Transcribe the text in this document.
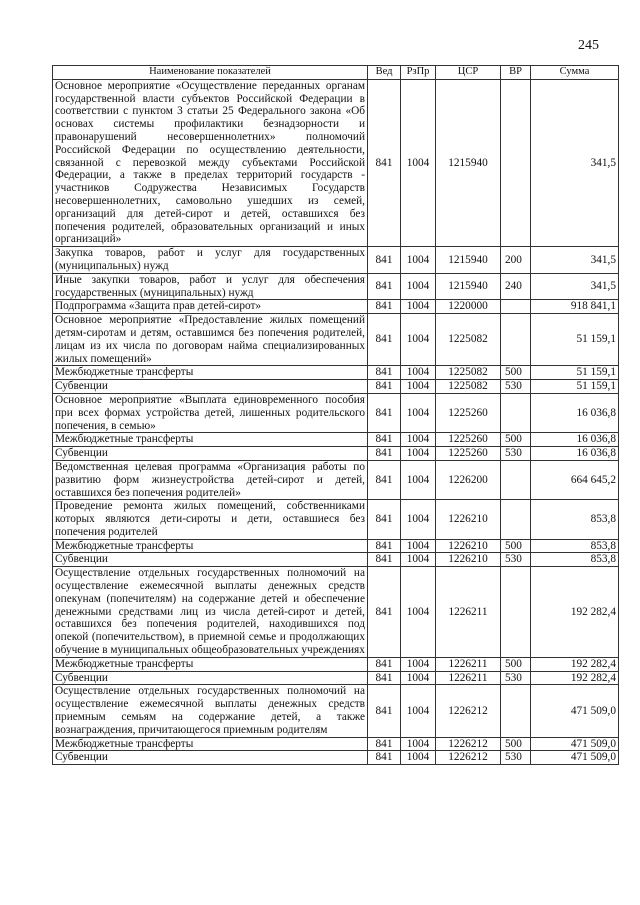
245
Наименование показателей	Вед	РзПр	ЦСР	ВР	Сумма
Основное мероприятие «Осуществление переданных органам государственной власти субъектов Российской Федерации в соответствии с пунктом 3 статьи 25 Федерального закона «Об основах системы профилактики безнадзорности и правонарушений несовершеннолетних» полномочий Российской Федерации по осуществлению деятельности, связанной с перевозкой между субъектами Российской Федерации, а также в пределах территорий государств - участников Содружества Независимых Государств несовершеннолетних, самовольно ушедших из семей, организаций для детей-сирот и детей, оставшихся без попечения родителей, образовательных организаций и иных организаций»	841	1004	1215940		341,5
Закупка товаров, работ и услуг для государственных (муниципальных) нужд	841	1004	1215940	200	341,5
Иные закупки товаров, работ и услуг для обеспечения государственных (муниципальных) нужд	841	1004	1215940	240	341,5
Подпрограмма «Защита прав детей-сирот»	841	1004	1220000		918 841,1
Основное мероприятие «Предоставление жилых помещений детям-сиротам и детям, оставшимся без попечения родителей, лицам из их числа по договорам найма специализированных жилых помещений»	841	1004	1225082		51 159,1
Межбюджетные трансферты	841	1004	1225082	500	51 159,1
Субвенции	841	1004	1225082	530	51 159,1
Основное мероприятие «Выплата единовременного пособия при всех формах устройства детей, лишенных родительского попечения, в семью»	841	1004	1225260		16 036,8
Межбюджетные трансферты	841	1004	1225260	500	16 036,8
Субвенции	841	1004	1225260	530	16 036,8
Ведомственная целевая программа «Организация работы по развитию форм жизнеустройства детей-сирот и детей, оставшихся без попечения родителей»	841	1004	1226200		664 645,2
Проведение ремонта жилых помещений, собственниками которых являются дети-сироты и дети, оставшиеся без попечения родителей	841	1004	1226210		853,8
Межбюджетные трансферты	841	1004	1226210	500	853,8
Субвенции	841	1004	1226210	530	853,8
Осуществление отдельных государственных полномочий на осуществление ежемесячной выплаты денежных средств опекунам (попечителям) на содержание детей и обеспечение денежными средствами лиц из числа детей-сирот и детей, оставшихся без попечения родителей, находившихся под опекой (попечительством), в приемной семье и продолжающих обучение в муниципальных общеобразовательных учреждениях	841	1004	1226211		192 282,4
Межбюджетные трансферты	841	1004	1226211	500	192 282,4
Субвенции	841	1004	1226211	530	192 282,4
Осуществление отдельных государственных полномочий на осуществление ежемесячной выплаты денежных средств приемным семьям на содержание детей, а также вознаграждения, причитающегося приемным родителям	841	1004	1226212		471 509,0
Межбюджетные трансферты	841	1004	1226212	500	471 509,0
Субвенции	841	1004	1226212	530	471 509,0
